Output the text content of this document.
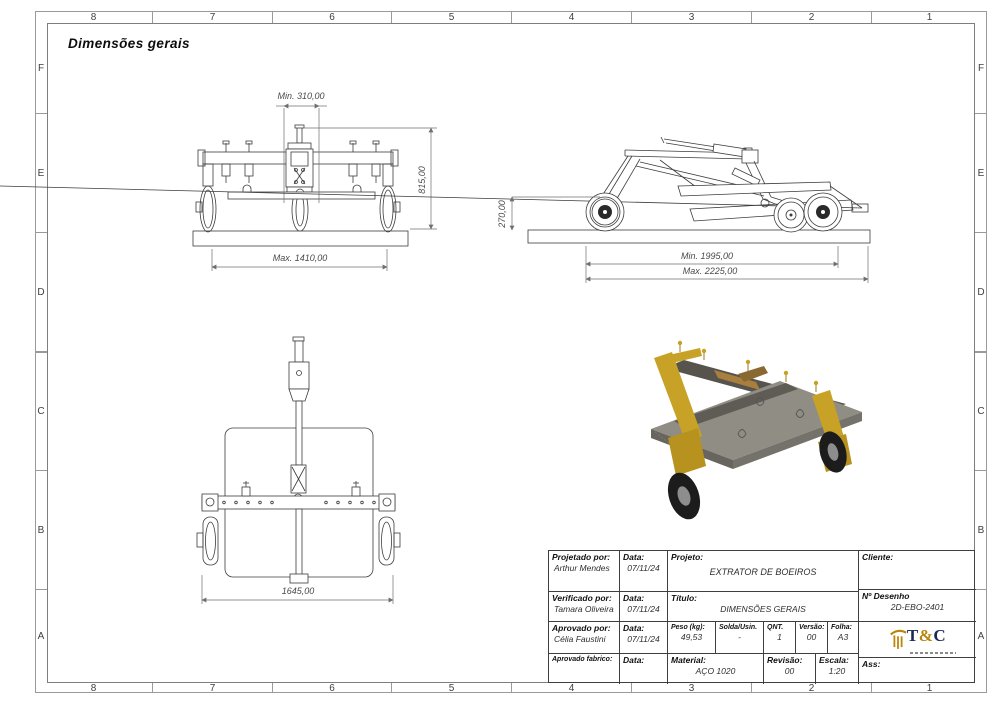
8
8
7
7
6
6
5
5
4
4
3
3
2
2
1
1
F	F
E	E
D	D
C	C
B	B
A	A
Dimensões gerais
Min. 310,00
815,00
Max. 1410,00
270,00
Min. 1995,00
Max. 2225,00
1645,00
Projetado por:
Arthur Mendes
Data:
07/11/24
Verificado por:
Tamara Oliveira
Data:
07/11/24
Aprovado por:
Célia Faustini
Data:
07/11/24
Aprovado fabrico:	Data:
Projeto:
EXTRATOR DE BOEIROS
Título:
DIMENSÕES GERAIS
Peso (kg):
49,53
Solda/Usin.
-
QNT.
1
Versão:
00
Folha:
A3
Material:
AÇO 1020
Revisão:
00
Escala:
1:20
Cliente:
Nº Desenho
2D-EBO-2401
T & C
Ass:
